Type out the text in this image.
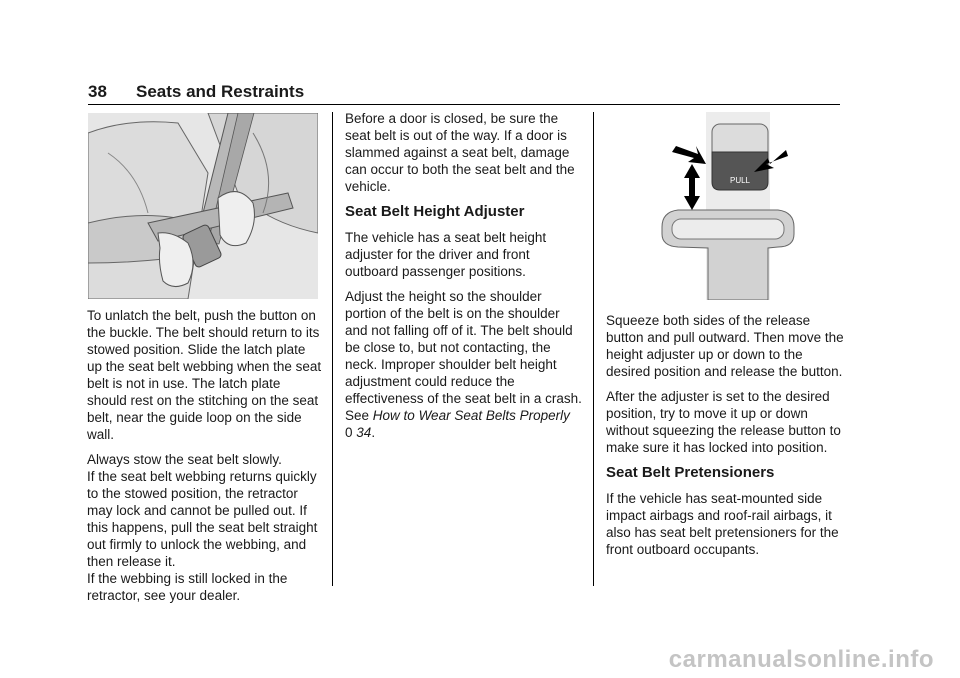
38 Seats and Restraints

To unlatch the belt, push the button on the buckle. The belt should return to its stowed position. Slide the latch plate up the seat belt webbing when the seat belt is not in use. The latch plate should rest on the stitching on the seat belt, near the guide loop on the side wall.

Always stow the seat belt slowly.
If the seat belt webbing returns quickly to the stowed position, the retractor may lock and cannot be pulled out. If this happens, pull the seat belt straight out firmly to unlock the webbing, and then release it.
If the webbing is still locked in the retractor, see your dealer.

Before a door is closed, be sure the seat belt is out of the way. If a door is slammed against a seat belt, damage can occur to both the seat belt and the vehicle.

Seat Belt Height Adjuster

The vehicle has a seat belt height adjuster for the driver and front outboard passenger positions.

Adjust the height so the shoulder portion of the belt is on the shoulder and not falling off of it. The belt should be close to, but not contacting, the neck. Improper shoulder belt height adjustment could reduce the effectiveness of the seat belt in a crash. See How to Wear Seat Belts Properly 0 34.

PULL

Squeeze both sides of the release button and pull outward. Then move the height adjuster up or down to the desired position and release the button.

After the adjuster is set to the desired position, try to move it up or down without squeezing the release button to make sure it has locked into position.

Seat Belt Pretensioners

If the vehicle has seat-mounted side impact airbags and roof-rail airbags, it also has seat belt pretensioners for the front outboard occupants.

carmanualsonline.info
